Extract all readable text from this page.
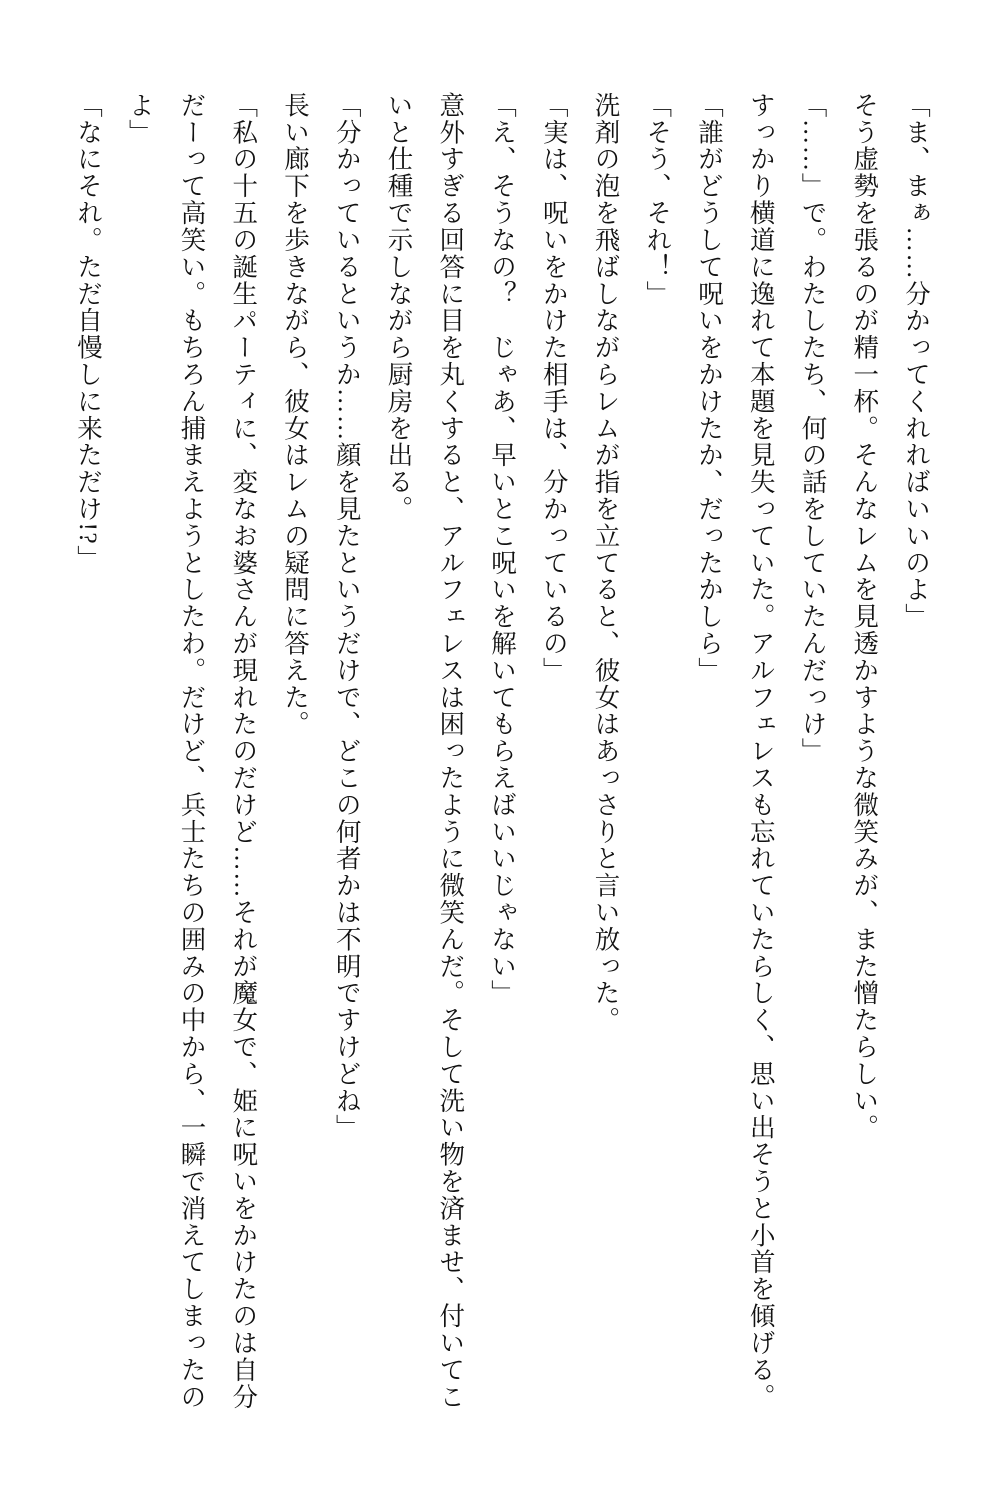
「ま、まぁ……分かってくれればいいのよ」

そう虚勢を張るのが精一杯。そんなレムを見透かすような微笑みが、また憎たらしい。

「……」で。わたしたち、何の話をしていたんだっけ」

すっかり横道に逸れて本題を見失っていた。アルフェレスも忘れていたらしく、思い出そうと小首を傾げる。

「誰がどうして呪いをかけたか、だったかしら」

「そう、それ！」

洗剤の泡を飛ばしながらレムが指を立てると、彼女はあっさりと言い放った。

「実は、呪いをかけた相手は、分かっているの」

「え、そうなの？　じゃあ、早いとこ呪いを解いてもらえばいいじゃない」

意外すぎる回答に目を丸くすると、アルフェレスは困ったように微笑んだ。そして洗い物を済ませ、付いてこいと仕種で示しながら厨房を出る。

「分かっているというか……顔を見たというだけで、どこの何者かは不明ですけどね」

長い廊下を歩きながら、彼女はレムの疑問に答えた。

「私の十五の誕生パーティに、変なお婆さんが現れたのだけど……それが魔女で、姫に呪いをかけたのは自分だーって高笑い。もちろん捕まえようとしたわ。だけど、兵士たちの囲みの中から、一瞬で消えてしまったのよ」

「なにそれ。ただ自慢しに来ただけ!?」
